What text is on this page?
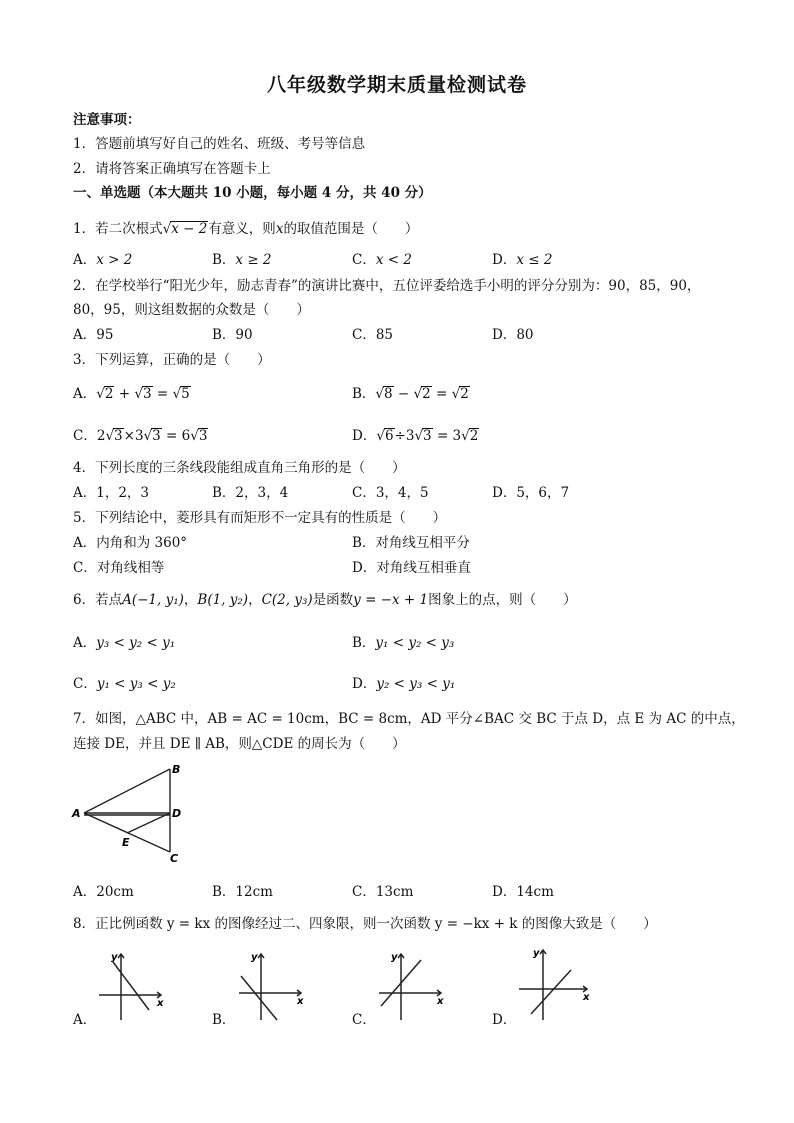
八年级数学期末质量检测试卷
注意事项：
1．答题前填写好自己的姓名、班级、考号等信息
2．请将答案正确填写在答题卡上
一、单选题（本大题共 10 小题，每小题 4 分，共 40 分）
1．若二次根式√x − 2有意义，则x的取值范围是（　　）
A．x > 2	B．x ≥ 2	C．x < 2	D．x ≤ 2
2．在学校举行“阳光少年，励志青春”的演讲比赛中，五位评委给选手小明的评分分别为：90，85，90，
80，95，则这组数据的众数是（　　）
A．95	B．90	C．85	D．80
3．下列运算，正确的是（　　）
A．√2 + √3 = √5	B．√8 − √2 = √2
C．2√3×3√3 = 6√3	D．√6÷3√3 = 3√2
4．下列长度的三条线段能组成直角三角形的是（　　）
A．1，2，3	B．2，3，4	C．3，4，5	D．5，6，7
5．下列结论中，菱形具有而矩形不一定具有的性质是（　　）
A．内角和为 360°	B．对角线互相平分
C．对角线相等	D．对角线互相垂直
6．若点A(−1, y₁)，B(1, y₂)，C(2, y₃)是函数y = −x + 1图象上的点，则（　　）
A．y₃ < y₂ < y₁	B．y₁ < y₂ < y₃
C．y₁ < y₃ < y₂	D．y₂ < y₃ < y₁
7．如图，△ABC 中，AB = AC = 10cm，BC = 8cm，AD 平分∠BAC 交 BC 于点 D，点 E 为 AC 的中点，
连接 DE，并且 DE ∥ AB，则△CDE 的周长为（　　）
A
B
D
E
C
A．20cm	B．12cm	C．13cm	D．14cm
8．正比例函数 y = kx 的图像经过二、四象限，则一次函数 y = −kx + k 的图像大致是（　　）
x
y
A．
x
y
B．
x
y
C．
x
y
D．
